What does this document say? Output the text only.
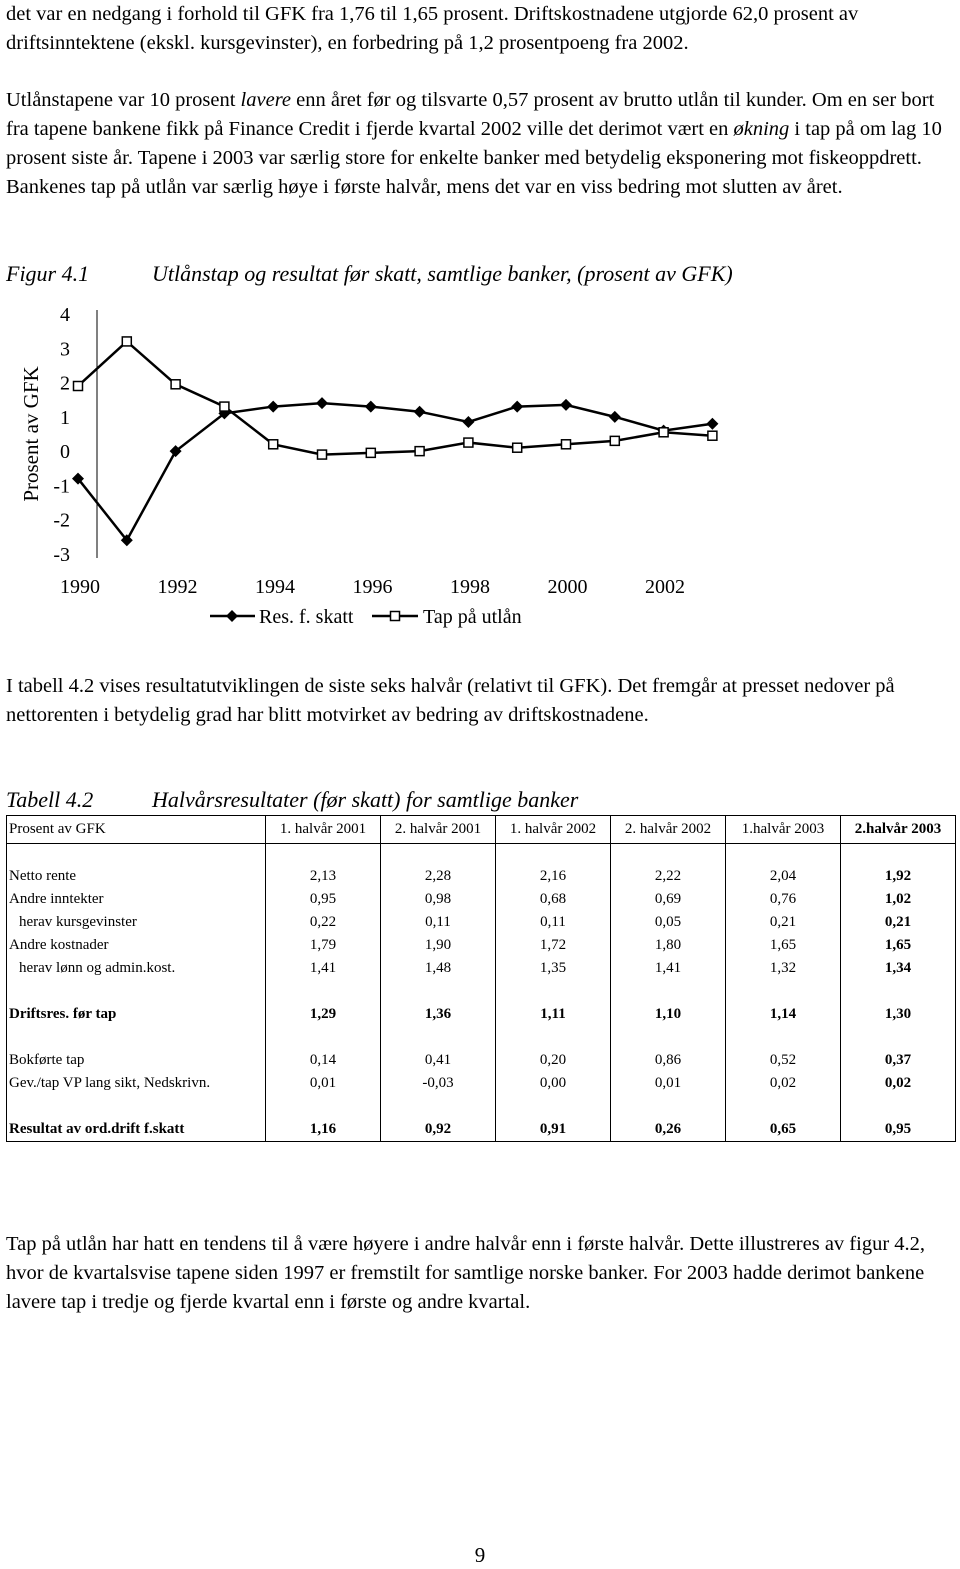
det var en nedgang i forhold til GFK fra 1,76 til 1,65 prosent. Driftskostnadene utgjorde 62,0 prosent av driftsinntektene (ekskl. kursgevinster), en forbedring på 1,2 prosentpoeng fra 2002.

Utlånstapene var 10 prosent lavere enn året før og tilsvarte 0,57 prosent av brutto utlån til kunder. Om en ser bort fra tapene bankene fikk på Finance Credit i fjerde kvartal 2002 ville det derimot vært en økning i tap på om lag 10 prosent siste år. Tapene i 2003 var særlig store for enkelte banker med betydelig eksponering mot fiskeoppdrett. Bankenes tap på utlån var særlig høye i første halvår, mens det var en viss bedring mot slutten av året.

Figur 4.1	Utlånstap og resultat før skatt, samtlige banker, (prosent av GFK)
4
3
2
1
0
-1
-2
-3
Prosent av GFK
1990	1992	1994	1996	1998	2000	2002
Res. f. skatt	Tap på utlån

I tabell 4.2 vises resultatutviklingen de siste seks halvår (relativt til GFK). Det fremgår at presset nedover på nettorenten i betydelig grad har blitt motvirket av bedring av driftskostnadene.

Tabell 4.2	Halvårsresultater (før skatt) for samtlige banker
Prosent av GFK	1. halvår 2001	2. halvår 2001	1. halvår 2002	2. halvår 2002	1.halvår 2003	2.halvår 2003

Netto rente	2,13	2,28	2,16	2,22	2,04	1,92
Andre inntekter	0,95	0,98	0,68	0,69	0,76	1,02
herav kursgevinster	0,22	0,11	0,11	0,05	0,21	0,21
Andre kostnader	1,79	1,90	1,72	1,80	1,65	1,65
herav lønn og admin.kost.	1,41	1,48	1,35	1,41	1,32	1,34

Driftsres. før tap	1,29	1,36	1,11	1,10	1,14	1,30

Bokførte tap	0,14	0,41	0,20	0,86	0,52	0,37
Gev./tap VP lang sikt, Nedskrivn.	0,01	-0,03	0,00	0,01	0,02	0,02

Resultat av ord.drift f.skatt	1,16	0,92	0,91	0,26	0,65	0,95

Tap på utlån har hatt en tendens til å være høyere i andre halvår enn i første halvår. Dette illustreres av figur 4.2, hvor de kvartalsvise tapene siden 1997 er fremstilt for samtlige norske banker. For 2003 hadde derimot bankene lavere tap i tredje og fjerde kvartal enn i første og andre kvartal.

9
